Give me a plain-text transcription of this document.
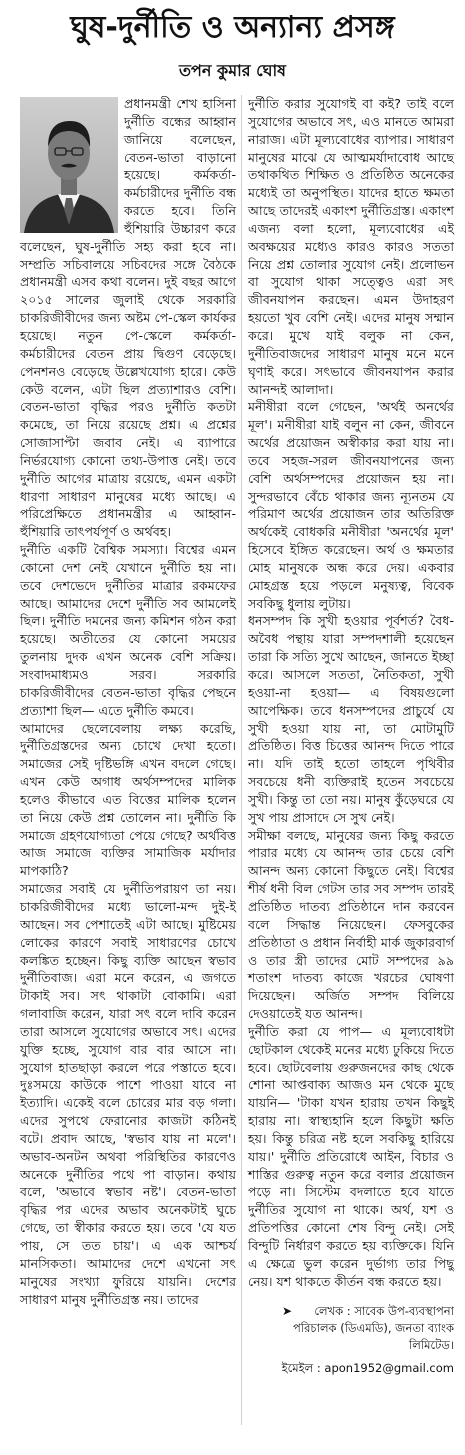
ঘুষ-দুর্নীতি ও অন্যান্য প্রসঙ্গ
তপন কুমার ঘোষ

প্রধানমন্ত্রী শেখ হাসিনা দুর্নীতি বন্ধের আহ্বান জানিয়ে বলেছেন, বেতন-ভাতা বাড়ানো হয়েছে। কর্মকর্তা-কর্মচারীদের দুর্নীতি বন্ধ করতে হবে। তিনি হুঁশিয়ারি উচ্চারণ করে বলেছেন, ঘুষ-দুর্নীতি সহ্য করা হবে না। সম্প্রতি সচিবালয়ে সচিবদের সঙ্গে বৈঠকে প্রধানমন্ত্রী এসব কথা বলেন। দুই বছর আগে ২০১৫ সালের জুলাই থেকে সরকারি চাকরিজীবীদের জন্য অষ্টম পে-স্কেল কার্যকর হয়েছে। নতুন পে-স্কেলে কর্মকর্তা-কর্মচারীদের বেতন প্রায় দ্বিগুণ বেড়েছে। পেনশনও বেড়েছে উল্লেখযোগ্য হারে। কেউ কেউ বলেন, এটা ছিল প্রত্যাশারও বেশি। বেতন-ভাতা বৃদ্ধির পরও দুর্নীতি কতটা কমেছে, তা নিয়ে রয়েছে প্রশ্ন। এ প্রশ্নের সোজাসাপ্টা জবাব নেই। এ ব্যাপারে নির্ভরযোগ্য কোনো তথ্য-উপাত্ত নেই। তবে দুর্নীতি আগের মাত্রায় রয়েছে, এমন একটা ধারণা সাধারণ মানুষের মধ্যে আছে। এ পরিপ্রেক্ষিতে প্রধানমন্ত্রীর এ আহ্বান-হুঁশিয়ারি তাৎপর্যপূর্ণ ও অর্থবহ।

দুর্নীতি একটি বৈশ্বিক সমস্যা। বিশ্বের এমন কোনো দেশ নেই যেখানে দুর্নীতি হয় না। তবে দেশভেদে দুর্নীতির মাত্রার রকমফের আছে। আমাদের দেশে দুর্নীতি সব আমলেই ছিল। দুর্নীতি দমনের জন্য কমিশন গঠন করা হয়েছে। অতীতের যে কোনো সময়ের তুলনায় দুদক এখন অনেক বেশি সক্রিয়। সংবাদমাধ্যমও সরব। সরকারি চাকরিজীবীদের বেতন-ভাতা বৃদ্ধির পেছনে প্রত্যাশা ছিল— এতে দুর্নীতি কমবে।

আমাদের ছেলেবেলায় লক্ষ্য করেছি, দুর্নীতিগ্রস্তদের অন্য চোখে দেখা হতো। সমাজের সেই দৃষ্টিভঙ্গি এখন বদলে গেছে। এখন কেউ অগাধ অর্থসম্পদের মালিক হলেও কীভাবে এত বিত্তের মালিক হলেন তা নিয়ে কেউ প্রশ্ন তোলেন না। দুর্নীতি কি সমাজে গ্রহণযোগ্যতা পেয়ে গেছে? অর্থবিত্ত আজ সমাজে ব্যক্তির সামাজিক মর্যাদার মাপকাঠি?

সমাজের সবাই যে দুর্নীতিপরায়ণ তা নয়। চাকরিজীবীদের মধ্যে ভালো-মন্দ দুই-ই আছেন। সব পেশাতেই এটা আছে। মুষ্টিমেয় লোকের কারণে সবাই সাধারণের চোখে কলঙ্কিত হচ্ছেন। কিছু ব্যক্তি আছেন স্বভাব দুর্নীতিবাজ। এরা মনে করেন, এ জগতে টাকাই সব। সৎ থাকাটা বোকামি। এরা গলাবাজি করেন, যারা সৎ বলে দাবি করেন তারা আসলে সুযোগের অভাবে সৎ। এদের যুক্তি হচ্ছে, সুযোগ বার বার আসে না। সুযোগ হাতছাড়া করলে পরে পস্তাতে হবে। দুঃসময়ে কাউকে পাশে পাওয়া যাবে না ইত্যাদি। একেই বলে চোরের মার বড় গলা। এদের সুপথে ফেরানোর কাজটা কঠিনই বটে। প্রবাদ আছে, 'স্বভাব যায় না মলে'। অভাব-অনটন অথবা পরিস্থিতির কারণেও অনেকে দুর্নীতির পথে পা বাড়ান। কথায় বলে, 'অভাবে স্বভাব নষ্ট'। বেতন-ভাতা বৃদ্ধির পর এদের অভাব অনেকটাই ঘুচে গেছে, তা স্বীকার করতে হয়। তবে 'যে যত পায়, সে তত চায়'। এ এক আশ্চর্য মানসিকতা। আমাদের দেশে এখনো সৎ মানুষের সংখ্যা ফুরিয়ে যায়নি। দেশের সাধারণ মানুষ দুর্নীতিগ্রস্ত নয়। তাদের

দুর্নীতি করার সুযোগই বা কই? তাই বলে সুযোগের অভাবে সৎ, এও মানতে আমরা নারাজ। এটা মূল্যবোধের ব্যাপার। সাধারণ মানুষের মাঝে যে আত্মমর্যাদাবোধ আছে তথাকথিত শিক্ষিত ও প্রতিষ্ঠিত অনেকের মধ্যেই তা অনুপস্থিত। যাদের হাতে ক্ষমতা আছে তাদেরই একাংশ দুর্নীতিগ্রস্ত। একাংশ এজন্য বলা হলো, মূল্যবোধের এই অবক্ষয়ের মধ্যেও কারও কারও সততা নিয়ে প্রশ্ন তোলার সুযোগ নেই। প্রলোভন বা সুযোগ থাকা সত্ত্বেও এরা সৎ জীবনযাপন করছেন। এমন উদাহরণ হয়তো খুব বেশি নেই। এদের মানুষ সম্মান করে। মুখে যাই বলুক না কেন, দুর্নীতিবাজদের সাধারণ মানুষ মনে মনে ঘৃণাই করে। সৎভাবে জীবনযাপন করার আনন্দই আলাদা।

মনীষীরা বলে গেছেন, 'অর্থই অনর্থের মূল'। মনীষীরা যাই বলুন না কেন, জীবনে অর্থের প্রয়োজন অস্বীকার করা যায় না। তবে সহজ-সরল জীবনযাপনের জন্য বেশি অর্থসম্পদের প্রয়োজন হয় না। সুন্দরভাবে বেঁচে থাকার জন্য ন্যূনতম যে পরিমাণ অর্থের প্রয়োজন তার অতিরিক্ত অর্থকেই বোধকরি মনীষীরা 'অনর্থের মূল' হিসেবে ইঙ্গিত করেছেন। অর্থ ও ক্ষমতার মোহ মানুষকে অন্ধ করে দেয়। একবার মোহগ্রস্ত হয়ে পড়লে মনুষ্যত্ব, বিবেক সবকিছু ধুলায় লুটায়।

ধনসম্পদ কি সুখী হওয়ার পূর্বশর্ত? বৈধ-অবৈধ পন্থায় যারা সম্পদশালী হয়েছেন তারা কি সত্যি সুখে আছেন, জানতে ইচ্ছা করে। আসলে সততা, নৈতিকতা, সুখী হওয়া-না হওয়া— এ বিষয়গুলো আপেক্ষিক। তবে ধনসম্পদের প্রাচুর্যে যে সুখী হওয়া যায় না, তা মোটামুটি প্রতিষ্ঠিত। বিত্ত চিত্তের আনন্দ দিতে পারে না। যদি তাই হতো তাহলে পৃথিবীর সবচেয়ে ধনী ব্যক্তিরাই হতেন সবচেয়ে সুখী। কিন্তু তা তো নয়। মানুষ কুঁড়েঘরে যে সুখ পায় প্রাসাদে সে সুখ নেই।

সমীক্ষা বলছে, মানুষের জন্য কিছু করতে পারার মধ্যে যে আনন্দ তার চেয়ে বেশি আনন্দ অন্য কোনো কিছুতে নেই। বিশ্বের শীর্ষ ধনী বিল গেটস তার সব সম্পদ তারই প্রতিষ্ঠিত দাতব্য প্রতিষ্ঠানে দান করবেন বলে সিদ্ধান্ত নিয়েছেন। ফেসবুকের প্রতিষ্ঠাতা ও প্রধান নির্বাহী মার্ক জুকারবার্গ ও তার স্ত্রী তাদের মোট সম্পদের ৯৯ শতাংশ দাতব্য কাজে খরচের ঘোষণা দিয়েছেন। অর্জিত সম্পদ বিলিয়ে দেওয়াতেই যত আনন্দ।

দুর্নীতি করা যে পাপ— এ মূল্যবোধটা ছোটকাল থেকেই মনের মধ্যে ঢুকিয়ে দিতে হবে। ছোটবেলায় গুরুজনদের কাছ থেকে শোনা আপ্তবাক্য আজও মন থেকে মুছে যায়নি— 'টাকা যখন হারায় তখন কিছুই হারায় না। স্বাস্থ্যহানি হলে কিছুটা ক্ষতি হয়। কিন্তু চরিত্র নষ্ট হলে সবকিছু হারিয়ে যায়।' দুর্নীতি প্রতিরোধে আইন, বিচার ও শাস্তির গুরুত্ব নতুন করে বলার প্রয়োজন পড়ে না। সিস্টেম বদলাতে হবে যাতে দুর্নীতির সুযোগ না থাকে। অর্থ, যশ ও প্রতিপত্তির কোনো শেষ বিন্দু নেই। সেই বিন্দুটি নির্ধারণ করতে হয় ব্যক্তিকে। যিনি এ ক্ষেত্রে ভুল করেন দুর্ভাগ্য তার পিছু নেয়। যশ থাকতে কীর্তন বন্ধ করতে হয়।

➤ লেখক : সাবেক উপ-ব্যবস্থাপনা পরিচালক (ডিএমডি), জনতা ব্যাংক লিমিটেড।
ইমেইল : apon1952@gmail.com
